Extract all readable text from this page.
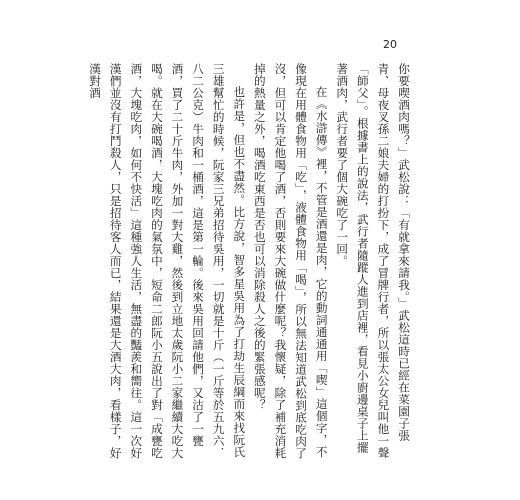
20

你要喫酒肉嗎？」武松說：「有就拿來請我。」武松這時已經在菜園子張青、母夜叉孫二娘夫婦的打扮下，成了冒牌行者，所以張太公女兒叫他一聲「師父」。根據書上的說法，武行者隨蹤人進到店裡，看見小廚邊桌子上擺著酒肉，武行者要了個大碗吃了一回。

在《水滸傳》裡，不管是酒還是肉，它的動詞通通用「喫」這個字，不像現在用體食物用「吃」，液體食物用「喝」，所以無法知道武松到底吃肉了沒，但可以肯定他喝了酒，否則要來大碗做什麼呢？我懷疑，除了補充消耗掉的熱量之外，喝酒吃東西是否也可以消除殺人之後的緊張感呢？

也許是，但也不盡然。比方說，智多星吳用為了打劫生辰綱而來找阮氏三雄幫忙的時候，阮家三兄弟招待吳用，一切就是十斤（一斤等於五九六．八二公克）牛肉和一桶酒，這是第一輪。後來吳用回請他們，又沽了一甕酒，買了二十斤牛肉，外加一對大雞，然後到立地太歲阮小二家繼續大吃大喝。就在大碗喝酒，大塊吃肉的氣氛中，短命二郎阮小五說出了對「成甕吃酒，大塊吃肉，如何不快活」這種強人生活，無盡的豔羨和嚮往。這一次好漢們並沒有打鬥殺人，只是招待客人而已，結果還是大酒大肉，看樣子，好漢對酒
